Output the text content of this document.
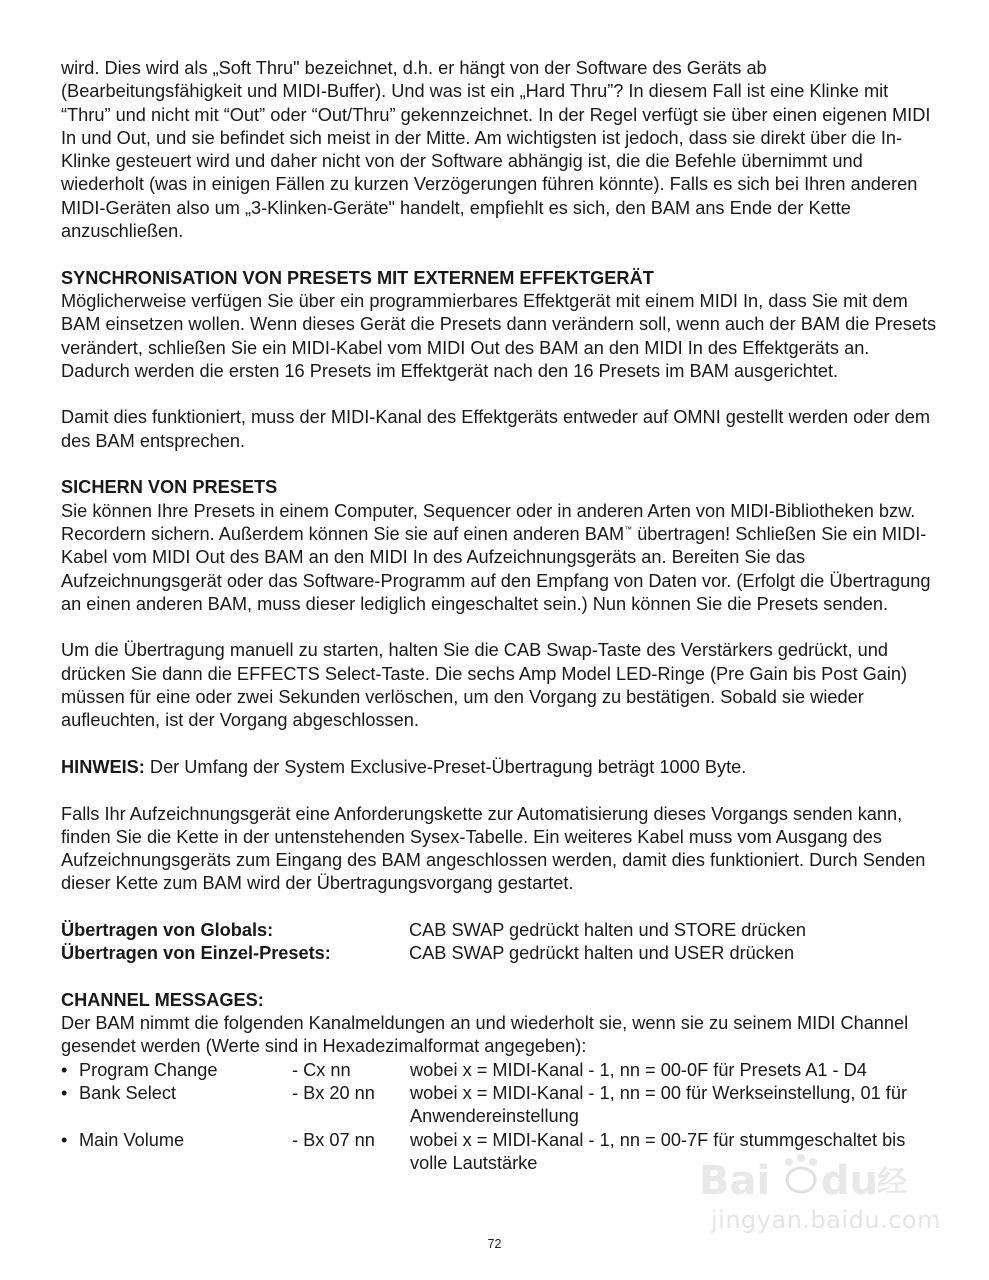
wird. Dies wird als „Soft Thru" bezeichnet, d.h. er hängt von der Software des Geräts ab (Bearbeitungsfähigkeit und MIDI-Buffer). Und was ist ein „Hard Thru”? In diesem Fall ist eine Klinke mit “Thru” und nicht mit “Out” oder “Out/Thru” gekennzeichnet. In der Regel verfügt sie über einen eigenen MIDI In und Out, und sie befindet sich meist in der Mitte. Am wichtigsten ist jedoch, dass sie direkt über die In-Klinke gesteuert wird und daher nicht von der Software abhängig ist, die die Befehle übernimmt und wiederholt (was in einigen Fällen zu kurzen Verzögerungen führen könnte). Falls es sich bei Ihren anderen MIDI-Geräten also um „3-Klinken-Geräte" handelt, empfiehlt es sich, den BAM ans Ende der Kette anzuschließen.

SYNCHRONISATION VON PRESETS MIT EXTERNEM EFFEKTGERÄT

Möglicherweise verfügen Sie über ein programmierbares Effektgerät mit einem MIDI In, dass Sie mit dem BAM einsetzen wollen. Wenn dieses Gerät die Presets dann verändern soll, wenn auch der BAM die Presets verändert, schließen Sie ein MIDI-Kabel vom MIDI Out des BAM an den MIDI In des Effektgeräts an. Dadurch werden die ersten 16 Presets im Effektgerät nach den 16 Presets im BAM ausgerichtet.

Damit dies funktioniert, muss der MIDI-Kanal des Effektgeräts entweder auf OMNI gestellt werden oder dem des BAM entsprechen.

SICHERN VON PRESETS

Sie können Ihre Presets in einem Computer, Sequencer oder in anderen Arten von MIDI-Bibliotheken bzw. Recordern sichern. Außerdem können Sie sie auf einen anderen BAM™ übertragen! Schließen Sie ein MIDI-Kabel vom MIDI Out des BAM an den MIDI In des Aufzeichnungsgeräts an. Bereiten Sie das Aufzeichnungsgerät oder das Software-Programm auf den Empfang von Daten vor. (Erfolgt die Übertragung an einen anderen BAM, muss dieser lediglich eingeschaltet sein.) Nun können Sie die Presets senden.

Um die Übertragung manuell zu starten, halten Sie die CAB Swap-Taste des Verstärkers gedrückt, und drücken Sie dann die EFFECTS Select-Taste. Die sechs Amp Model LED-Ringe (Pre Gain bis Post Gain) müssen für eine oder zwei Sekunden verlöschen, um den Vorgang zu bestätigen. Sobald sie wieder aufleuchten, ist der Vorgang abgeschlossen.

HINWEIS: Der Umfang der System Exclusive-Preset-Übertragung beträgt 1000 Byte.

Falls Ihr Aufzeichnungsgerät eine Anforderungskette zur Automatisierung dieses Vorgangs senden kann, finden Sie die Kette in der untenstehenden Sysex-Tabelle. Ein weiteres Kabel muss vom Ausgang des Aufzeichnungsgeräts zum Eingang des BAM angeschlossen werden, damit dies funktioniert. Durch Senden dieser Kette zum BAM wird der Übertragungsvorgang gestartet.

Übertragen von Globals:	CAB SWAP gedrückt halten und STORE drücken
Übertragen von Einzel-Presets:	CAB SWAP gedrückt halten und USER drücken
CHANNEL MESSAGES:

Der BAM nimmt die folgenden Kanalmeldungen an und wiederholt sie, wenn sie zu seinem MIDI Channel gesendet werden (Werte sind in Hexadezimalformat angegeben):

• Program Change	- Cx nn	wobei x = MIDI-Kanal - 1, nn = 00-0F für Presets A1 - D4
• Bank Select	- Bx 20 nn	wobei x = MIDI-Kanal - 1, nn = 00 für Werkseinstellung, 01 für Anwendereinstellung
• Main Volume	- Bx 07 nn	wobei x = MIDI-Kanal - 1, nn = 00-7F für stummgeschaltet bis volle Lautstärke
72
Bai du
经
jingyan.baidu.com
